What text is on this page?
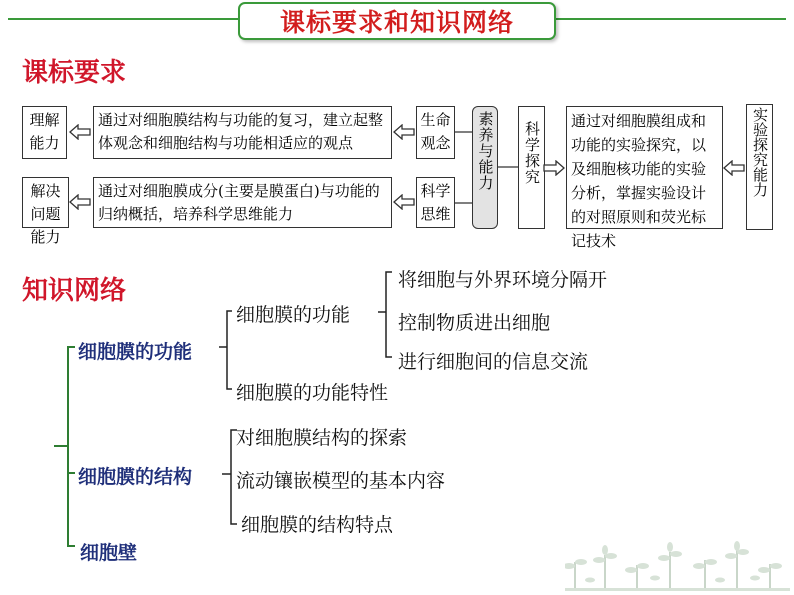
课标要求和知识网络
课标要求
理解能力
通过对细胞膜结构与功能的复习，建立起整体观念和细胞结构与功能相适应的观点
生命观念
解决问题能力
通过对细胞膜成分(主要是膜蛋白)与功能的归纳概括，培养科学思维能力
科学思维
素养与能力 科学探究	通过对细胞膜组成和功能的实验探究，以及细胞核功能的实验分析，掌握实验设计的对照原则和荧光标记技术
实验探究能力
知识网络
细胞膜的功能
细胞膜的功能
将细胞与外界环境分隔开
控制物质进出细胞
进行细胞间的信息交流
细胞膜的功能特性
细胞膜的结构
对细胞膜结构的探索
流动镶嵌模型的基本内容
细胞膜的结构特点
细胞壁
